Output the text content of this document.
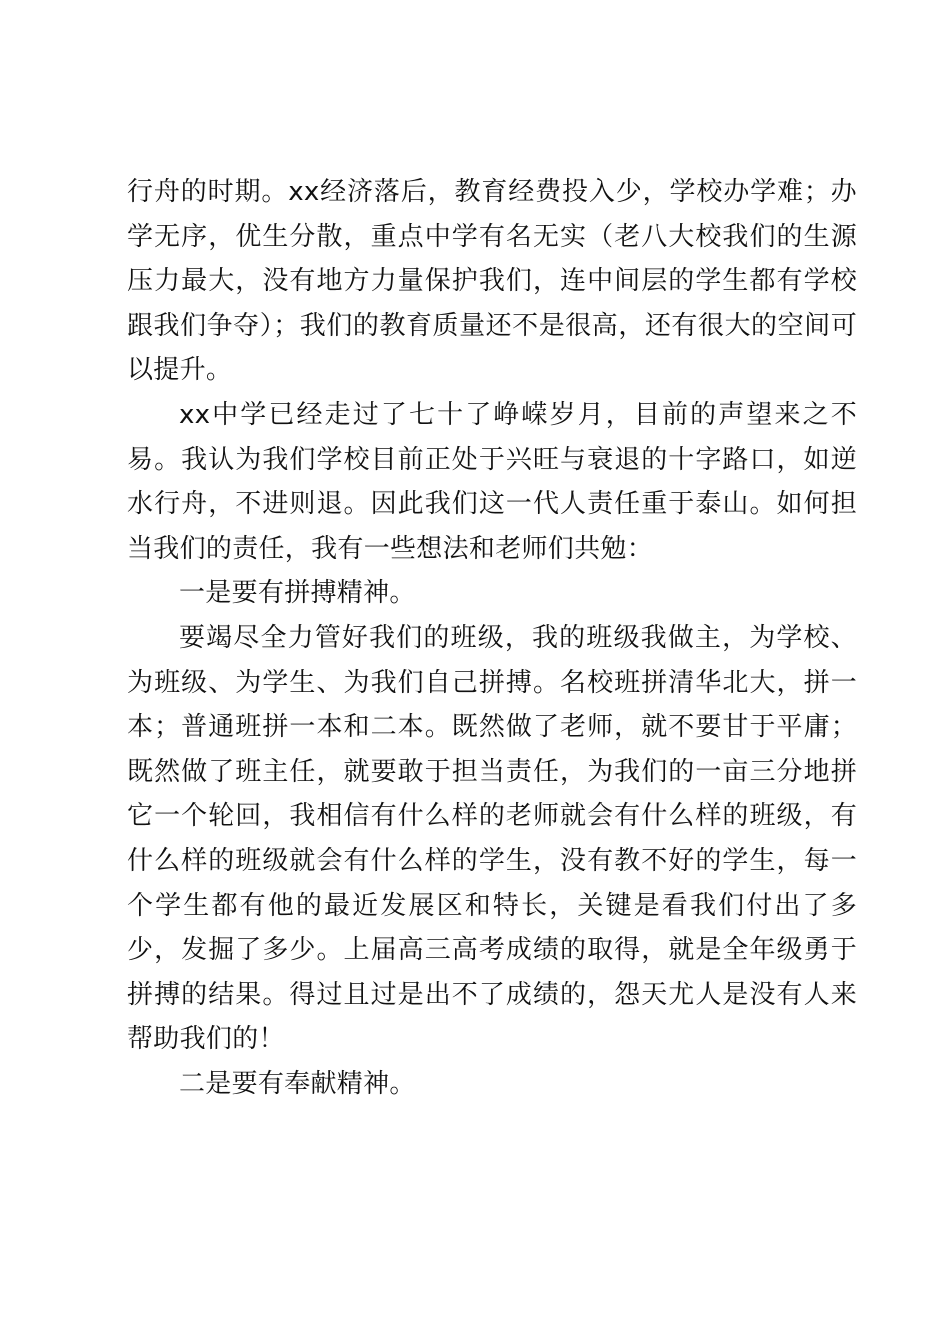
行舟的时期。xx经济落后，教育经费投入少，学校办学难；办学无序，优生分散，重点中学有名无实（老八大校我们的生源压力最大，没有地方力量保护我们，连中间层的学生都有学校跟我们争夺）；我们的教育质量还不是很高，还有很大的空间可以提升。

xx中学已经走过了七十了峥嵘岁月，目前的声望来之不易。我认为我们学校目前正处于兴旺与衰退的十字路口，如逆水行舟，不进则退。因此我们这一代人责任重于泰山。如何担当我们的责任，我有一些想法和老师们共勉：

一是要有拼搏精神。

要竭尽全力管好我们的班级，我的班级我做主，为学校、为班级、为学生、为我们自己拼搏。名校班拼清华北大，拼一本；普通班拼一本和二本。既然做了老师，就不要甘于平庸；既然做了班主任，就要敢于担当责任，为我们的一亩三分地拼它一个轮回，我相信有什么样的老师就会有什么样的班级，有什么样的班级就会有什么样的学生，没有教不好的学生，每一个学生都有他的最近发展区和特长，关键是看我们付出了多少，发掘了多少。上届高三高考成绩的取得，就是全年级勇于拼搏的结果。得过且过是出不了成绩的，怨天尤人是没有人来帮助我们的！

二是要有奉献精神。
